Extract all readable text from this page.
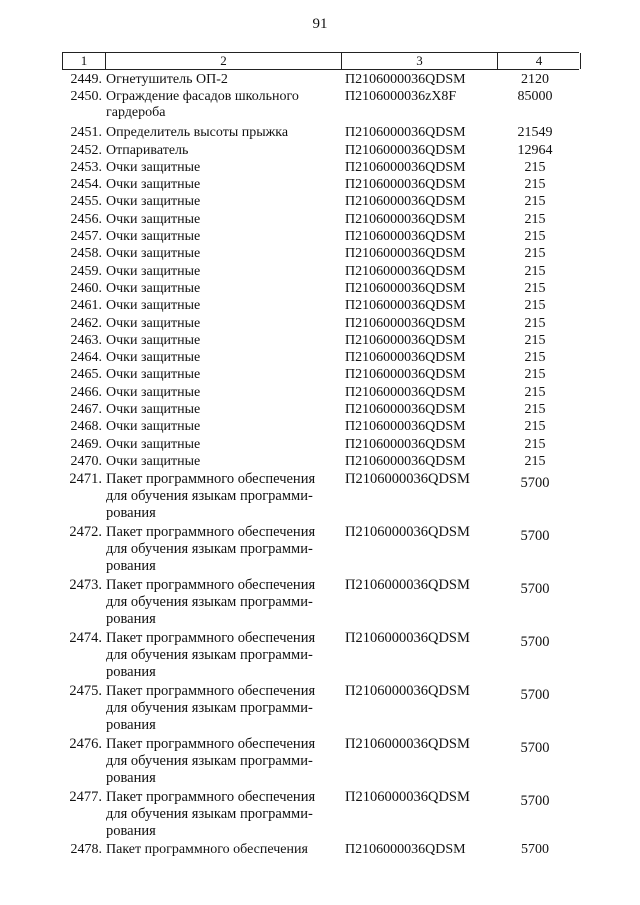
91
1	2	3	4
2449. Огнетушитель ОП-2	П2106000036QDSM	2120
2450. Ограждение фасадов школьного
гардероба
П2106000036zX8F	85000
2451. Определитель высоты прыжка	П2106000036QDSM	21549
2452. Отпариватель	П2106000036QDSM	12964
2453. Очки защитные	П2106000036QDSM	215
2454. Очки защитные	П2106000036QDSM	215
2455. Очки защитные	П2106000036QDSM	215
2456. Очки защитные	П2106000036QDSM	215
2457. Очки защитные	П2106000036QDSM	215
2458. Очки защитные	П2106000036QDSM	215
2459. Очки защитные	П2106000036QDSM	215
2460. Очки защитные	П2106000036QDSM	215
2461. Очки защитные	П2106000036QDSM	215
2462. Очки защитные	П2106000036QDSM	215
2463. Очки защитные	П2106000036QDSM	215
2464. Очки защитные	П2106000036QDSM	215
2465. Очки защитные	П2106000036QDSM	215
2466. Очки защитные	П2106000036QDSM	215
2467. Очки защитные	П2106000036QDSM	215
2468. Очки защитные	П2106000036QDSM	215
2469. Очки защитные	П2106000036QDSM	215
2470. Очки защитные	П2106000036QDSM	215
2471. Пакет программного обеспечения
для обучения языкам программи-
рования
П2106000036QDSM	5700
2472. Пакет программного обеспечения
для обучения языкам программи-
рования
П2106000036QDSM	5700
2473. Пакет программного обеспечения
для обучения языкам программи-
рования
П2106000036QDSM	5700
2474. Пакет программного обеспечения
для обучения языкам программи-
рования
П2106000036QDSM	5700
2475. Пакет программного обеспечения
для обучения языкам программи-
рования
П2106000036QDSM	5700
2476. Пакет программного обеспечения
для обучения языкам программи-
рования
П2106000036QDSM	5700
2477. Пакет программного обеспечения
для обучения языкам программи-
рования
П2106000036QDSM	5700
2478. Пакет программного обеспечения	П2106000036QDSM	5700
